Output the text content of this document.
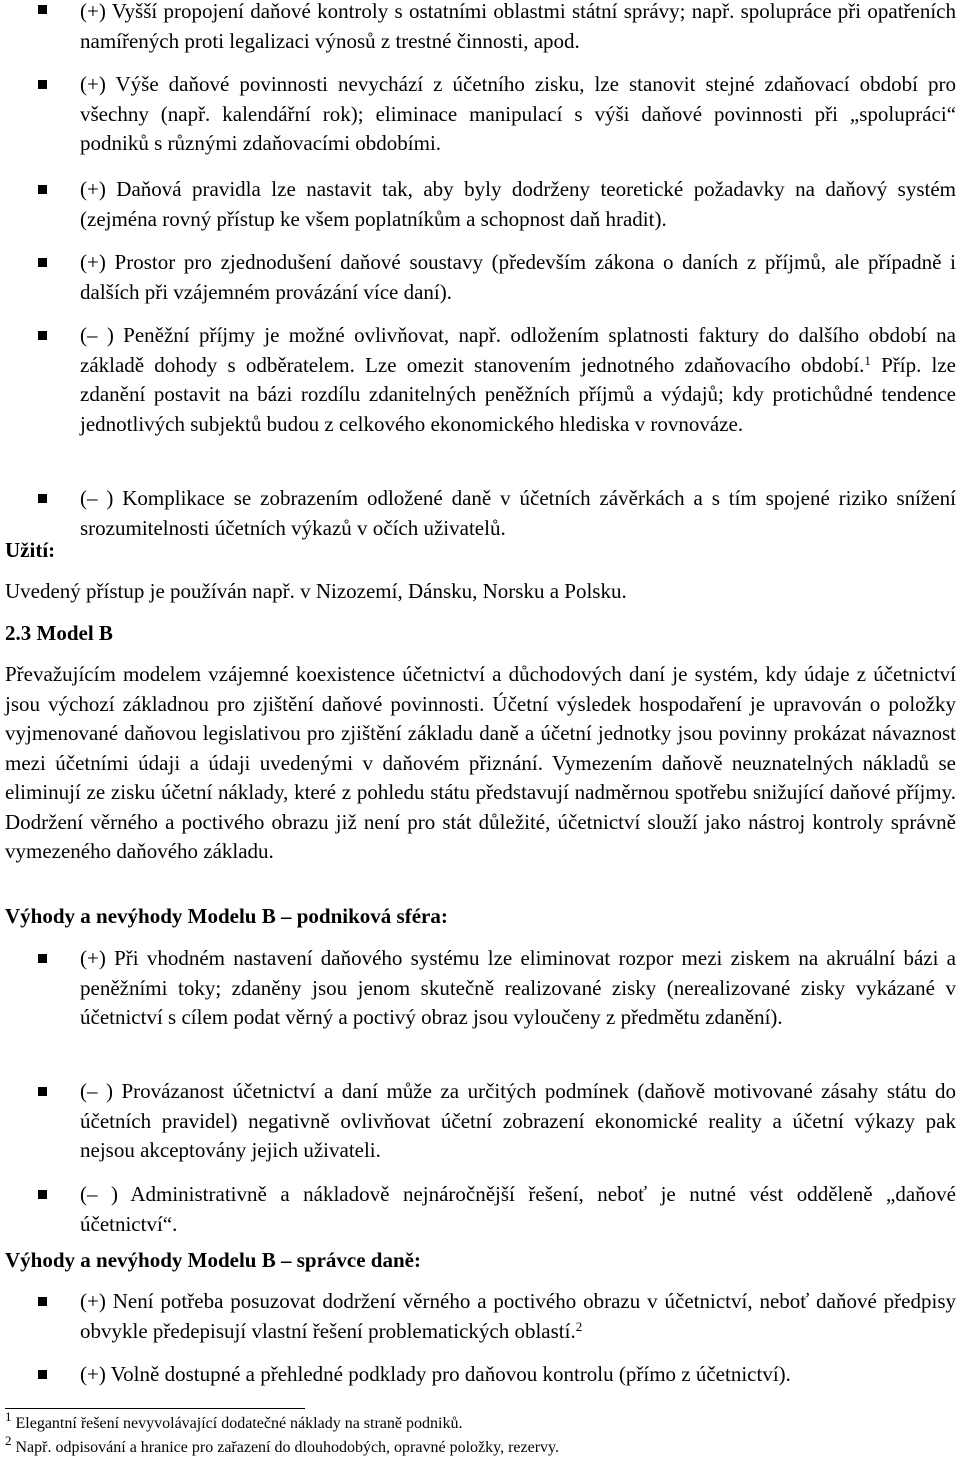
(+) Vyšší propojení daňové kontroly s ostatními oblastmi státní správy; např. spolupráce při opatřeních namířených proti legalizaci výnosů z trestné činnosti, apod.
(+) Výše daňové povinnosti nevychází z účetního zisku, lze stanovit stejné zdaňovací období pro všechny (např. kalendářní rok); eliminace manipulací s výši daňové povinnosti při „spolupráci“ podniků s různými zdaňovacími obdobími.
(+) Daňová pravidla lze nastavit tak, aby byly dodrženy teoretické požadavky na daňový systém (zejména rovný přístup ke všem poplatníkům a schopnost daň hradit).
(+) Prostor pro zjednodušení daňové soustavy (především zákona o daních z příjmů, ale případně i dalších při vzájemném provázání více daní).
(– ) Peněžní příjmy je možné ovlivňovat, např. odložením splatnosti faktury do dalšího období na základě dohody s odběratelem. Lze omezit stanovením jednotného zdaňovacího období.$^1$ Příp. lze zdanění postavit na bázi rozdílu zdanitelných peněžních příjmů a výdajů; kdy protichůdné tendence jednotlivých subjektů budou z celkového ekonomického hlediska v rovnováze.
(– ) Komplikace se zobrazením odložené daně v účetních závěrkách a s tím spojené riziko snížení srozumitelnosti účetních výkazů v očích uživatelů.

Užití:

Uvedený přístup je používán např. v Nizozemí, Dánsku, Norsku a Polsku.

2.3 Model B

Převažujícím modelem vzájemné koexistence účetnictví a důchodových daní je systém, kdy údaje z účetnictví jsou výchozí základnou pro zjištění daňové povinnosti. Účetní výsledek hospodaření je upravován o položky vyjmenované daňovou legislativou pro zjištění základu daně a účetní jednotky jsou povinny prokázat návaznost mezi účetními údaji a údaji uvedenými v daňovém přiznání. Vymezením daňově neuznatelných nákladů se eliminují ze zisku účetní náklady, které z pohledu státu představují nadměrnou spotřebu snižující daňové příjmy. Dodržení věrného a poctivého obrazu již není pro stát důležité, účetnictví slouží jako nástroj kontroly správně vymezeného daňového základu.

Výhody a nevýhody Modelu B – podniková sféra:

(+) Při vhodném nastavení daňového systému lze eliminovat rozpor mezi ziskem na akruální bázi a peněžními toky; zdaněny jsou jenom skutečně realizované zisky (nerealizované zisky vykázané v účetnictví s cílem podat věrný a poctivý obraz jsou vyloučeny z předmětu zdanění).
(– ) Provázanost účetnictví a daní může za určitých podmínek (daňově motivované zásahy státu do účetních pravidel) negativně ovlivňovat účetní zobrazení ekonomické reality a účetní výkazy pak nejsou akceptovány jejich uživateli.
(– ) Administrativně a nákladově nejnáročnější řešení, neboť je nutné vést odděleně „daňové účetnictví“.

Výhody a nevýhody Modelu B – správce daně:

(+) Není potřeba posuzovat dodržení věrného a poctivého obrazu v účetnictví, neboť daňové předpisy obvykle předepisují vlastní řešení problematických oblastí.$^2$
(+) Volně dostupné a přehledné podklady pro daňovou kontrolu (přímo z účetnictví).
$^1$ Elegantní řešení nevyvolávající dodatečné náklady na straně podniků.
$^2$ Např. odpisování a hranice pro zařazení do dlouhodobých, opravné položky, rezervy.
